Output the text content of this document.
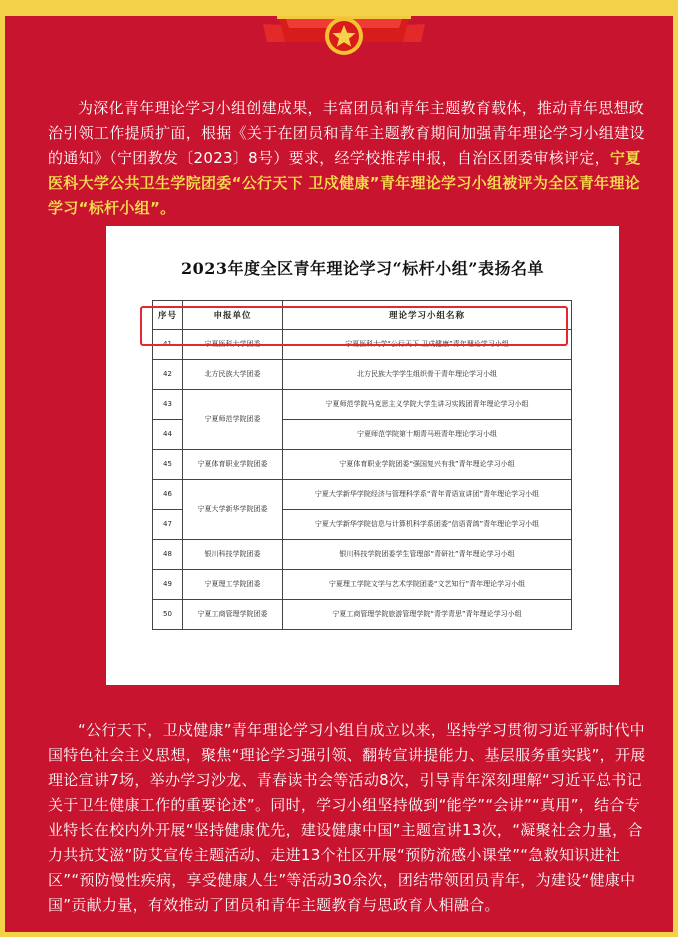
为深化青年理论学习小组创建成果，丰富团员和青年主题教育载体，推动青年思想政治引领工作提质扩面，根据《关于在团员和青年主题教育期间加强青年理论学习小组建设的通知》（宁团教发〔2023〕8号）要求，经学校推荐申报，自治区团委审核评定，宁夏医科大学公共卫生学院团委“公行天下 卫戍健康”青年理论学习小组被评为全区青年理论学习“标杆小组”。

2023年度全区青年理论学习“标杆小组”表扬名单
序号	申报单位	理论学习小组名称
41	宁夏医科大学团委	宁夏医科大学“公行天下 卫戍健康”青年理论学习小组
42	北方民族大学团委	北方民族大学学生组织骨干青年理论学习小组
43	宁夏师范学院团委	宁夏师范学院马克思主义学院大学生讲习实践团青年理论学习小组
44		宁夏师范学院第十期青马班青年理论学习小组
45	宁夏体育职业学院团委	宁夏体育职业学院团委“强国复兴有我”青年理论学习小组
46	宁夏大学新华学院团委	宁夏大学新华学院经济与管理科学系“青年青语宣讲团”青年理论学习小组
47		宁夏大学新华学院信息与计算机科学系团委“信语青鸽”青年理论学习小组
48	银川科技学院团委	银川科技学院团委学生管理部“青研社”青年理论学习小组
49	宁夏理工学院团委	宁夏理工学院文学与艺术学院团委“文艺知行”青年理论学习小组
50	宁夏工商管理学院团委	宁夏工商管理学院旅游管理学院“青学青思”青年理论学习小组

“公行天下，卫戍健康”青年理论学习小组自成立以来，坚持学习贯彻习近平新时代中国特色社会主义思想，聚焦“理论学习强引领、翻转宣讲提能力、基层服务重实践”，开展理论宣讲7场，举办学习沙龙、青春读书会等活动8次，引导青年深刻理解“习近平总书记关于卫生健康工作的重要论述”。同时，学习小组坚持做到“能学”“会讲”“真用”，结合专业特长在校内外开展“坚持健康优先，建设健康中国”主题宣讲13次，“凝聚社会力量，合力共抗艾滋”防艾宣传主题活动、走进13个社区开展“预防流感小课堂”“急救知识进社区”“预防慢性疾病，享受健康人生”等活动30余次，团结带领团员青年，为建设“健康中国”贡献力量，有效推动了团员和青年主题教育与思政育人相融合。
